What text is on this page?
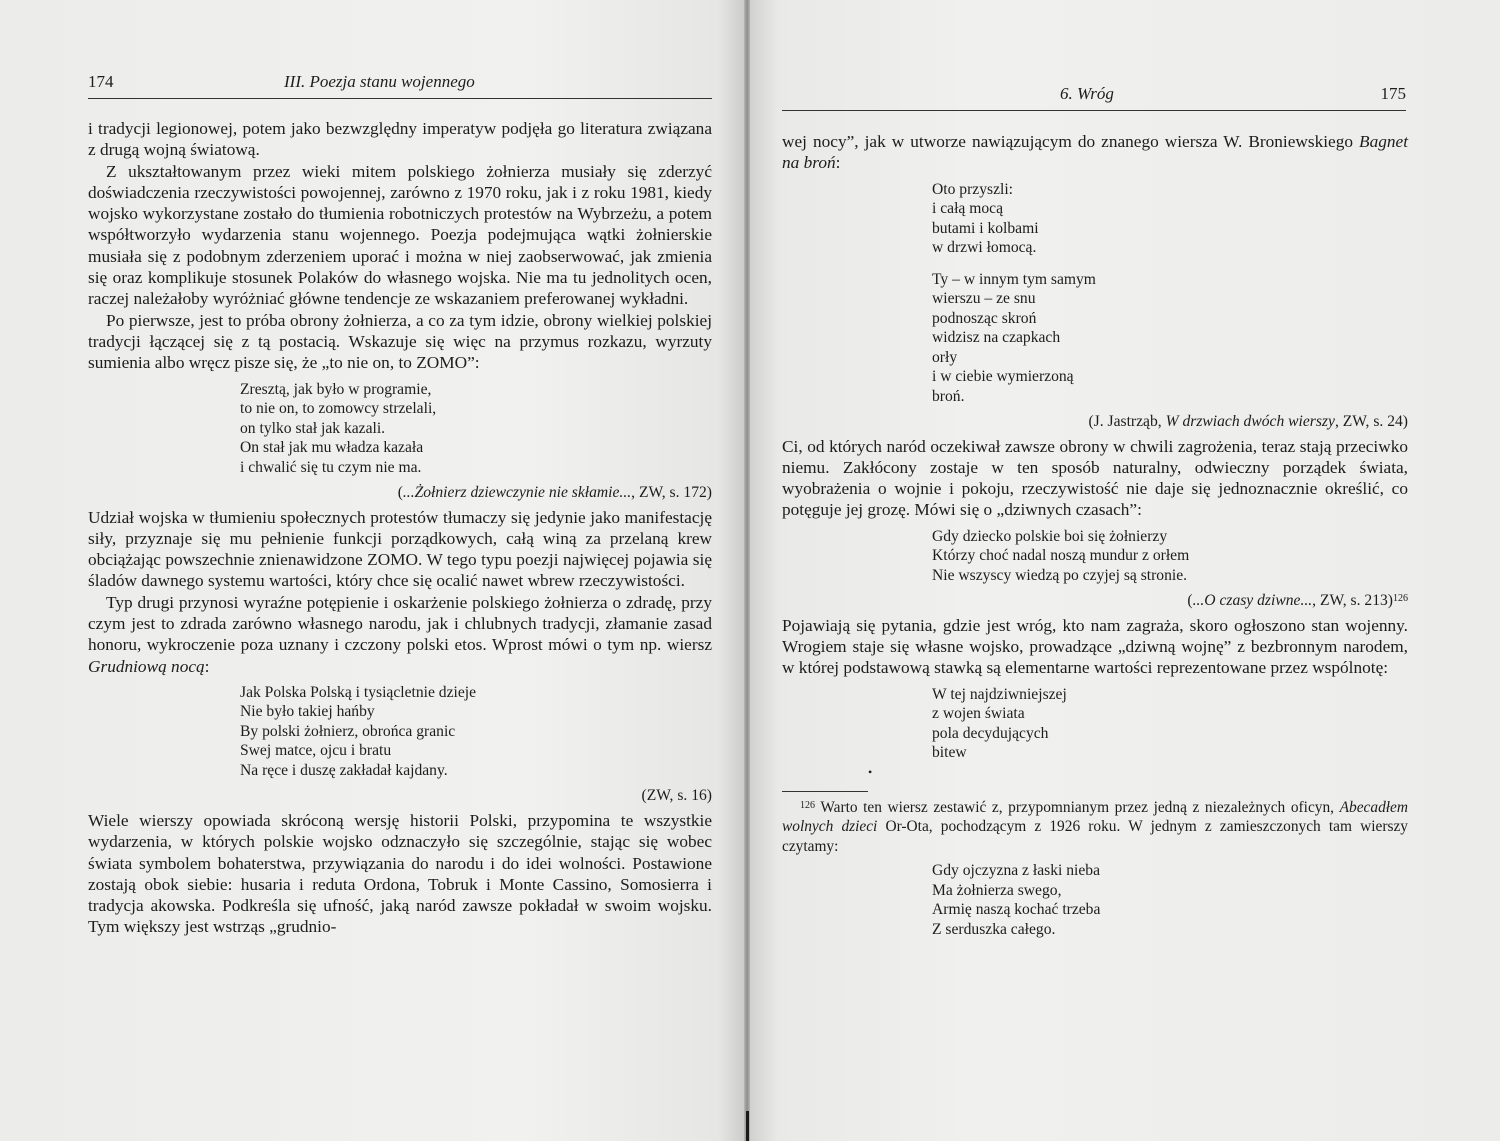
174	III. Poezja stanu wojennego

i tradycji legionowej, potem jako bezwzględny imperatyw podjęła go literatura związana z drugą wojną światową.

Z ukształtowanym przez wieki mitem polskiego żołnierza musiały się zderzyć doświadczenia rzeczywistości powojennej, zarówno z 1970 roku, jak i z roku 1981, kiedy wojsko wykorzystane zostało do tłumienia robotniczych protestów na Wybrzeżu, a potem współtworzyło wydarzenia stanu wojennego. Poezja podejmująca wątki żołnierskie musiała się z podobnym zderzeniem uporać i można w niej zaobserwować, jak zmienia się oraz komplikuje stosunek Polaków do własnego wojska. Nie ma tu jednolitych ocen, raczej należałoby wyróżniać główne tendencje ze wskazaniem preferowanej wykładni.

Po pierwsze, jest to próba obrony żołnierza, a co za tym idzie, obrony wielkiej polskiej tradycji łączącej się z tą postacią. Wskazuje się więc na przymus rozkazu, wyrzuty sumienia albo wręcz pisze się, że „to nie on, to ZOMO”:

Zresztą, jak było w programie,
to nie on, to zomowcy strzelali,
on tylko stał jak kazali.
On stał jak mu władza kazała
i chwalić się tu czym nie ma.
(...Żołnierz dziewczynie nie skłamie..., ZW, s. 172)

Udział wojska w tłumieniu społecznych protestów tłumaczy się jedynie jako manifestację siły, przyznaje się mu pełnienie funkcji porządkowych, całą winą za przelaną krew obciążając powszechnie znienawidzone ZOMO. W tego typu poezji najwięcej pojawia się śladów dawnego systemu wartości, który chce się ocalić nawet wbrew rzeczywistości.

Typ drugi przynosi wyraźne potępienie i oskarżenie polskiego żołnierza o zdradę, przy czym jest to zdrada zarówno własnego narodu, jak i chlubnych tradycji, złamanie zasad honoru, wykroczenie poza uznany i czczony polski etos. Wprost mówi o tym np. wiersz Grudniową nocą:

Jak Polska Polską i tysiącletnie dzieje
Nie było takiej hańby
By polski żołnierz, obrońca granic
Swej matce, ojcu i bratu
Na ręce i duszę zakładał kajdany.
(ZW, s. 16)

Wiele wierszy opowiada skróconą wersję historii Polski, przypomina te wszystkie wydarzenia, w których polskie wojsko odznaczyło się szczególnie, stając się wobec świata symbolem bohaterstwa, przywiązania do narodu i do idei wolności. Postawione zostają obok siebie: husaria i reduta Ordona, Tobruk i Monte Cassino, Somosierra i tradycja akowska. Podkreśla się ufność, jaką naród zawsze pokładał w swoim wojsku. Tym większy jest wstrząs „grudnio-

6. Wróg	175

wej nocy”, jak w utworze nawiązującym do znanego wiersza W. Broniewskiego Bagnet na broń:

Oto przyszli:
i całą mocą
butami i kolbami
w drzwi łomocą.
Ty – w innym tym samym
wierszu – ze snu
podnosząc skroń
widzisz na czapkach
orły
i w ciebie wymierzoną
broń.
(J. Jastrząb, W drzwiach dwóch wierszy, ZW, s. 24)

Ci, od których naród oczekiwał zawsze obrony w chwili zagrożenia, teraz stają przeciwko niemu. Zakłócony zostaje w ten sposób naturalny, odwieczny porządek świata, wyobrażenia o wojnie i pokoju, rzeczywistość nie daje się jednoznacznie określić, co potęguje jej grozę. Mówi się o „dziwnych czasach”:

Gdy dziecko polskie boi się żołnierzy
Którzy choć nadal noszą mundur z orłem
Nie wszyscy wiedzą po czyjej są stronie.
(...O czasy dziwne..., ZW, s. 213)$^{126}$

Pojawiają się pytania, gdzie jest wróg, kto nam zagraża, skoro ogłoszono stan wojenny. Wrogiem staje się własne wojsko, prowadzące „dziwną wojnę” z bezbronnym narodem, w której podstawową stawką są elementarne wartości reprezentowane przez wspólnotę:

W tej najdziwniejszej
z wojen świata
pola decydujących
bitew
•

$^{126}$ Warto ten wiersz zestawić z, przypomnianym przez jedną z niezależnych oficyn, Abecadłem wolnych dzieci Or-Ota, pochodzącym z 1926 roku. W jednym z zamieszczonych tam wierszy czytamy:

Gdy ojczyzna z łaski nieba
Ma żołnierza swego,
Armię naszą kochać trzeba
Z serduszka całego.
